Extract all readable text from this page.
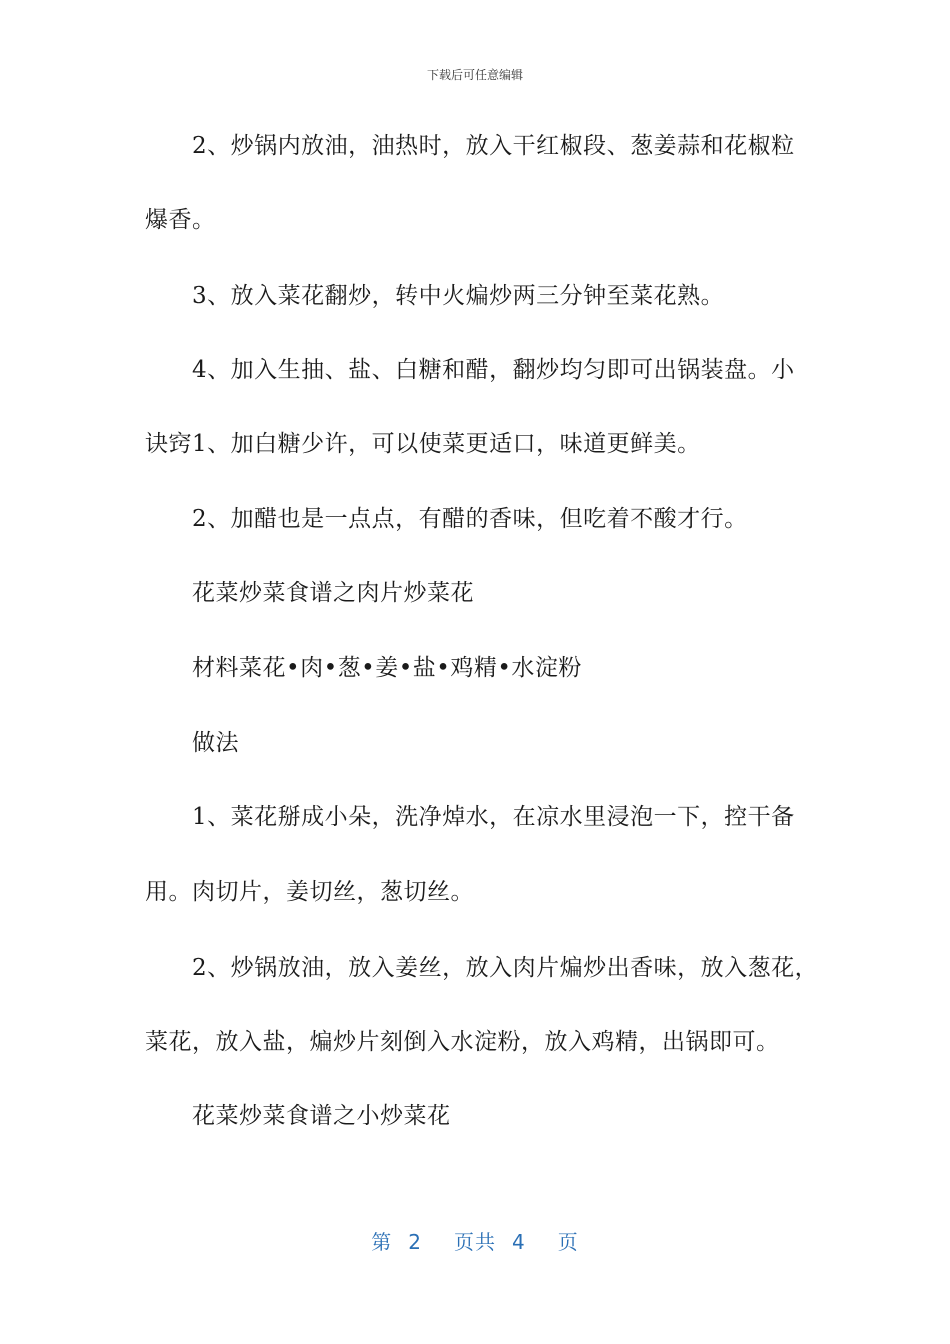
下载后可任意编辑
2、炒锅内放油，油热时，放入干红椒段、葱姜蒜和花椒粒
爆香。
3、放入菜花翻炒，转中火煸炒两三分钟至菜花熟。
4、加入生抽、盐、白糖和醋，翻炒均匀即可出锅装盘。小
诀窍1、加白糖少许，可以使菜更适口，味道更鲜美。
2、加醋也是一点点，有醋的香味，但吃着不酸才行。
花菜炒菜食谱之肉片炒菜花
材料菜花•肉•葱•姜•盐•鸡精•水淀粉
做法
1、菜花掰成小朵，洗净焯水，在凉水里浸泡一下，控干备
用。肉切片，姜切丝，葱切丝。
2、炒锅放油，放入姜丝，放入肉片煸炒出香味，放入葱花，
菜花，放入盐，煸炒片刻倒入水淀粉，放入鸡精，出锅即可。
花菜炒菜食谱之小炒菜花
第 2 页共 4 页
